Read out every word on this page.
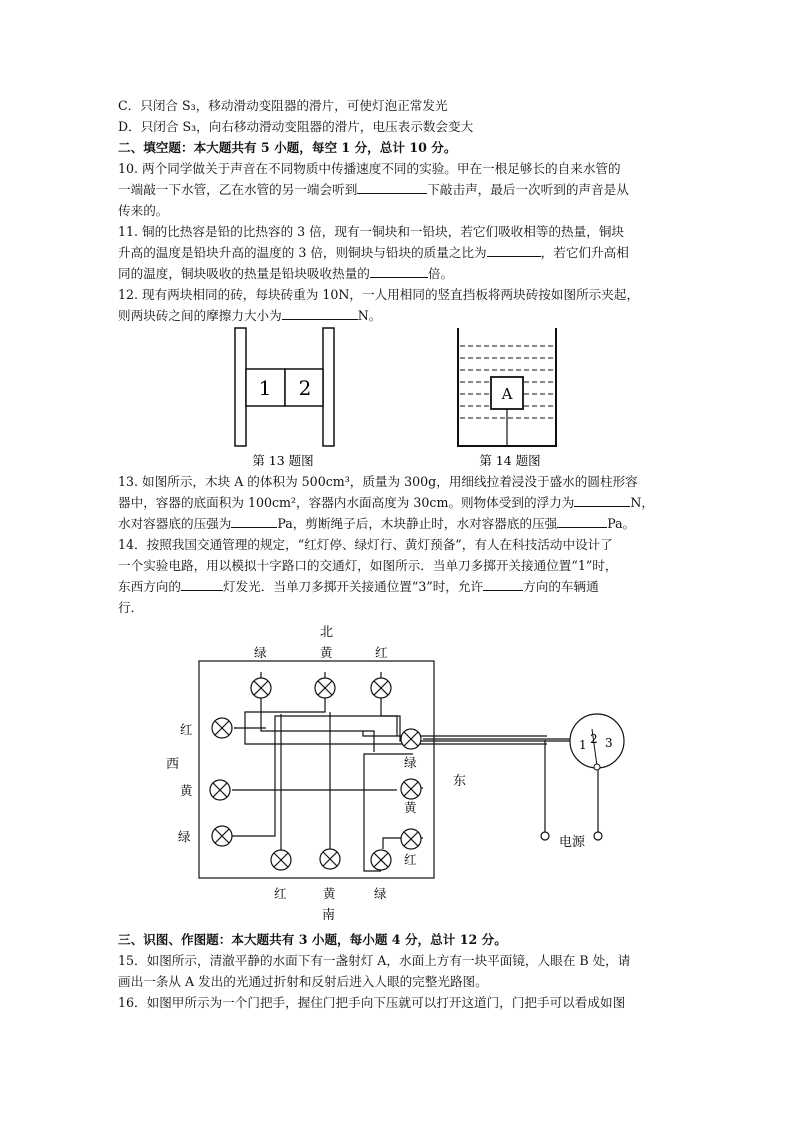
C．只闭合 S₃，移动滑动变阻器的滑片，可使灯泡正常发光
D．只闭合 S₃，向右移动滑动变阻器的滑片，电压表示数会变大
二、填空题：本大题共有 5 小题，每空 1 分，总计 10 分。
10. 两个同学做关于声音在不同物质中传播速度不同的实验。甲在一根足够长的自来水管的
一端敲一下水管，乙在水管的另一端会听到	下敲击声，最后一次听到的声音是从
传来的。
11. 铜的比热容是铅的比热容的 3 倍，现有一铜块和一铅块，若它们吸收相等的热量，铜块
升高的温度是铅块升高的温度的 3 倍，则铜块与铅块的质量之比为	，若它们升高相
同的温度，铜块吸收的热量是铅块吸收热量的	倍。
12. 现有两块相同的砖，每块砖重为 10N，一人用相同的竖直挡板将两块砖按如图所示夹起，
则两块砖之间的摩擦力大小为	N。
1 2
第 13 题图
A
第 14 题图
13. 如图所示，木块 A 的体积为 500cm³，质量为 300g，用细线拉着浸没于盛水的圆柱形容
器中，容器的底面积为 100cm²，容器内水面高度为 30cm。则物体受到的浮力为	N，
水对容器底的压强为	Pa，剪断绳子后，木块静止时，水对容器底的压强	Pa。
14．按照我国交通管理的规定，“红灯停、绿灯行、黄灯预备”，有人在科技活动中设计了
一个实验电路，用以模拟十字路口的交通灯，如图所示．当单刀多掷开关接通位置“1”时，
东西方向的	灯发光．当单刀多掷开关接通位置“3”时，允许	方向的车辆通
行．
1 2 3
电源
北
南
西
东
绿	黄	红
红
黄
绿
绿
黄
红
红	黄	绿
三、识图、作图题：本大题共有 3 小题，每小题 4 分，总计 12 分。
15．如图所示，清澈平静的水面下有一盏射灯 A，水面上方有一块平面镜，人眼在 B 处，请
画出一条从 A 发出的光通过折射和反射后进入人眼的完整光路图。
16．如图甲所示为一个门把手，握住门把手向下压就可以打开这道门，门把手可以看成如图
